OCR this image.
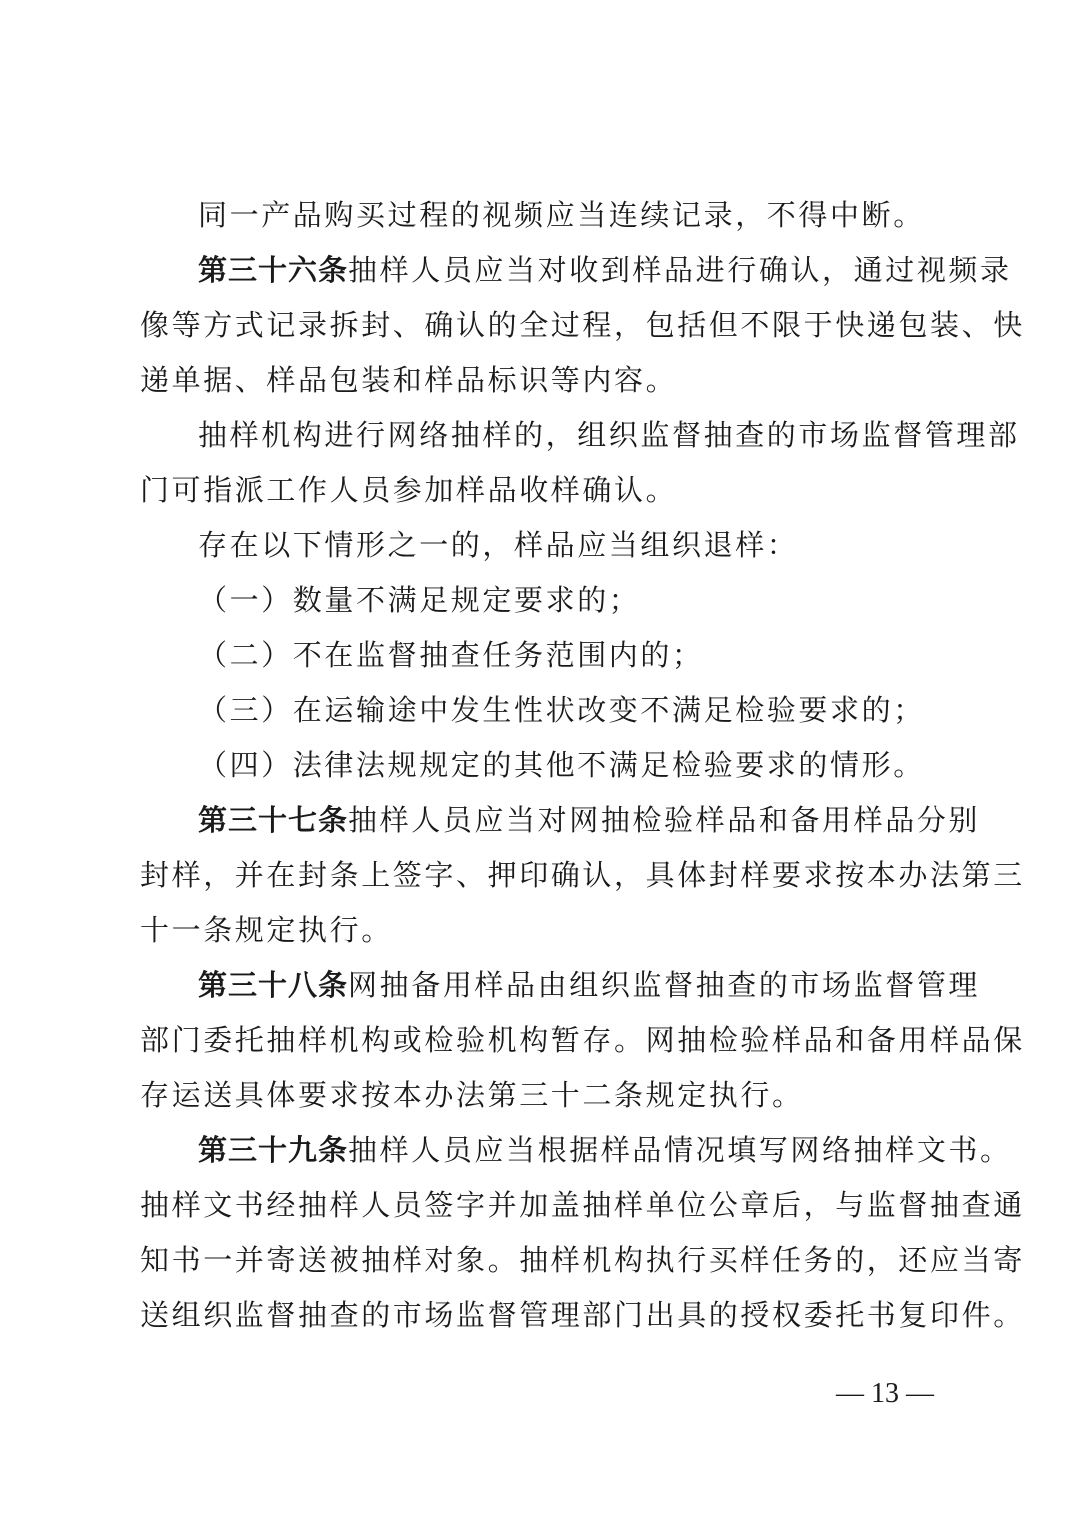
同一产品购买过程的视频应当连续记录，不得中断。
第三十六条抽样人员应当对收到样品进行确认，通过视频录
像等方式记录拆封、确认的全过程，包括但不限于快递包装、快
递单据、样品包装和样品标识等内容。
抽样机构进行网络抽样的，组织监督抽查的市场监督管理部
门可指派工作人员参加样品收样确认。
存在以下情形之一的，样品应当组织退样：
（一）数量不满足规定要求的；
（二）不在监督抽查任务范围内的；
（三）在运输途中发生性状改变不满足检验要求的；
（四）法律法规规定的其他不满足检验要求的情形。
第三十七条抽样人员应当对网抽检验样品和备用样品分别
封样，并在封条上签字、押印确认，具体封样要求按本办法第三
十一条规定执行。
第三十八条网抽备用样品由组织监督抽查的市场监督管理
部门委托抽样机构或检验机构暂存。网抽检验样品和备用样品保
存运送具体要求按本办法第三十二条规定执行。
第三十九条抽样人员应当根据样品情况填写网络抽样文书。
抽样文书经抽样人员签字并加盖抽样单位公章后，与监督抽查通
知书一并寄送被抽样对象。抽样机构执行买样任务的，还应当寄
送组织监督抽查的市场监督管理部门出具的授权委托书复印件。
— 13 —
